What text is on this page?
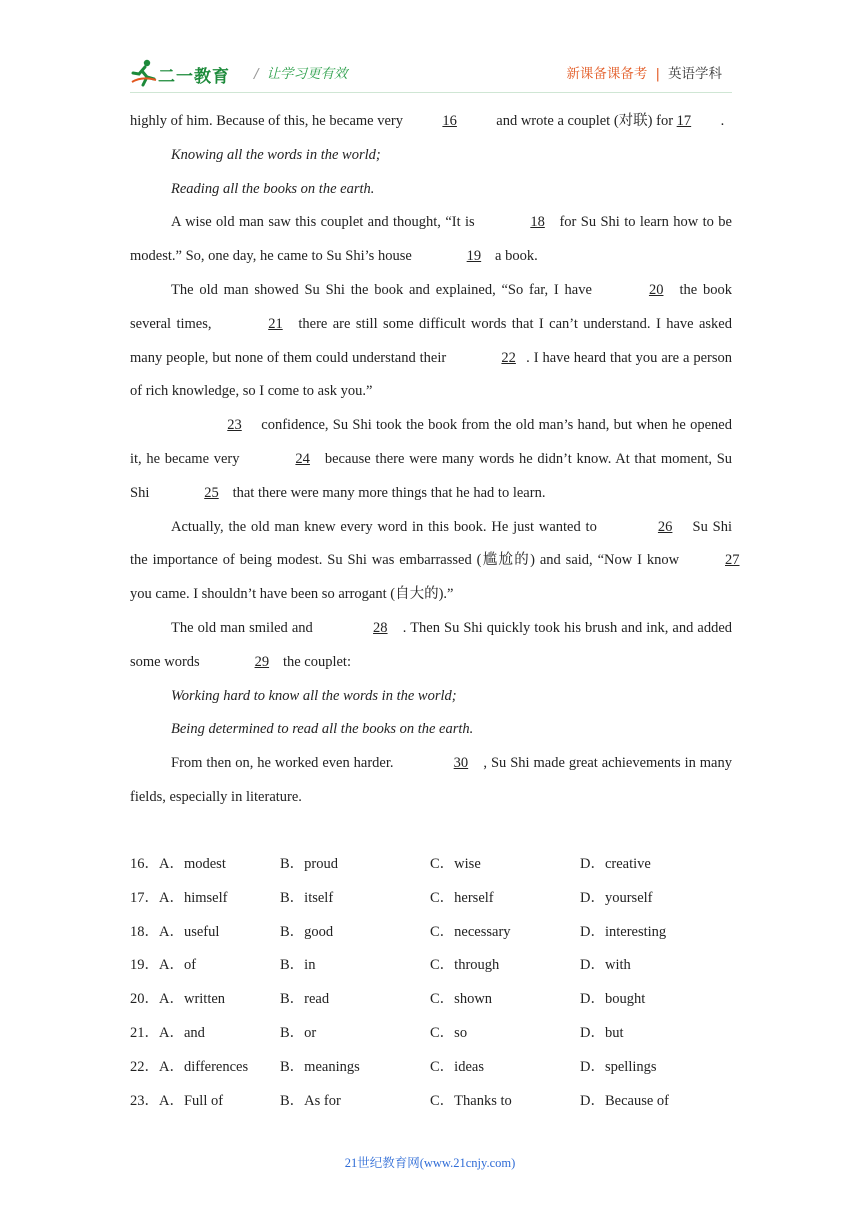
二一教育 / 让学习更有效	新课备课备考 | 英语学科

highly of him. Because of this, he became very 16 and wrote a couplet (对联) for 17 .

Knowing all the words in the world;

Reading all the books on the earth.

A wise old man saw this couplet and thought, “It is	18 for Su Shi to learn how to be modest.” So, one day, he came to Su Shi’s house	19 a book.

The old man showed Su Shi the book and explained, “So far, I have	20 the book several times,	21 there are still some difficult words that I can’t understand. I have asked many people, but none of them could understand their	22 . I have heard that you are a person of rich knowledge, so I come to ask you.”

23 confidence, Su Shi took the book from the old man’s hand, but when he opened it, he became very	24 because there were many words he didn’t know. At that moment, Su Shi	25 that there were many more things that he had to learn.

Actually, the old man knew every word in this book. He just wanted to	26 Su Shi the importance of being modest. Su Shi was embarrassed (尴尬的) and said, “Now I know	27 you came. I shouldn’t have been so arrogant (自大的).”

The old man smiled and	28 . Then Su Shi quickly took his brush and ink, and added some words	29 the couplet:

Working hard to know all the words in the world;

Being determined to read all the books on the earth.

From then on, he worked even harder.	30 , Su Shi made great achievements in many fields, especially in literature.

16．A．modest	B．proud	C．wise	D．creative
17．A．himself	B．itself	C．herself	D．yourself
18．A．useful	B．good	C．necessary	D．interesting
19．A．of	B．in	C．through	D．with
20．A．written	B．read	C．shown	D．bought
21．A．and	B．or	C．so	D．but
22．A．differences B．meanings	C．ideas	D．spellings
23．A．Full of	B．As for	C．Thanks to	D．Because of
21世纪教育网(www.21cnjy.com)
